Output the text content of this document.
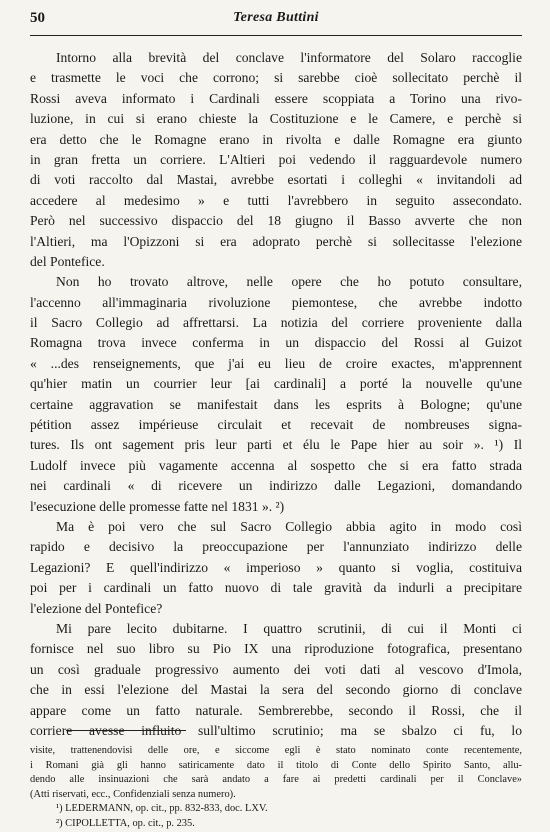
50	Teresa Buttini
Intorno alla brevità del conclave l'informatore del Solaro raccoglie
e trasmette le voci che corrono; si sarebbe cioè sollecitato perchè il
Rossi aveva informato i Cardinali essere scoppiata a Torino una rivo-
luzione, in cui si erano chieste la Costituzione e le Camere, e perchè si
era detto che le Romagne erano in rivolta e dalle Romagne era giunto
in gran fretta un corriere. L'Altieri poi vedendo il ragguardevole numero
di voti raccolto dal Mastai, avrebbe esortati i colleghi « invitandoli ad
accedere al medesimo » e tutti l'avrebbero in seguito assecondato.
Però nel successivo dispaccio del 18 giugno il Basso avverte che non
l'Altieri, ma l'Opizzoni si era adoprato perchè si sollecitasse l'elezione
del Pontefice.
Non ho trovato altrove, nelle opere che ho potuto consultare,
l'accenno all'immaginaria rivoluzione piemontese, che avrebbe indotto
il Sacro Collegio ad affrettarsi. La notizia del corriere proveniente dalla
Romagna trova invece conferma in un dispaccio del Rossi al Guizot
« ...des renseignements, que j'ai eu lieu de croire exactes, m'apprennent
qu'hier matin un courrier leur [ai cardinali] a porté la nouvelle qu'une
certaine aggravation se manifestait dans les esprits à Bologne; qu'une
pétition assez impérieuse circulait et recevait de nombreuses signa-
tures. Ils ont sagement pris leur parti et élu le Pape hier au soir ». ¹) Il
Ludolf invece più vagamente accenna al sospetto che si era fatto strada
nei cardinali « di ricevere un indirizzo dalle Legazioni, domandando
l'esecuzione delle promesse fatte nel 1831 ». ²)
Ma è poi vero che sul Sacro Collegio abbia agito in modo così
rapido e decisivo la preoccupazione per l'annunziato indirizzo delle
Legazioni? E quell'indirizzo « imperioso » quanto si voglia, costituiva
poi per i cardinali un fatto nuovo di tale gravità da indurli a precipitare
l'elezione del Pontefice?
Mi pare lecito dubitarne. I quattro scrutinii, di cui il Monti ci
fornisce nel suo libro su Pio IX una riproduzione fotografica, presentano
un così graduale progressivo aumento dei voti dati al vescovo d'Imola,
che in essi l'elezione del Mastai la sera del secondo giorno di conclave
appare come un fatto naturale. Sembrerebbe, secondo il Rossi, che il
corriere avesse influito sull'ultimo scrutinio; ma se sbalzo ci fu, lo
visite, trattenendovisi delle ore, e siccome egli è stato nominato conte recentemente,
i Romani già gli hanno satiricamente dato il titolo di Conte dello Spirito Santo, allu-
dendo alle insinuazioni che sarà andato a fare ai predetti cardinali per il Conclave»
(Atti riservati, ecc., Confidenziali senza numero).
¹) LEDERMANN, op. cit., pp. 832-833, doc. LXV.
²) CIPOLLETTA, op. cit., p. 235.
